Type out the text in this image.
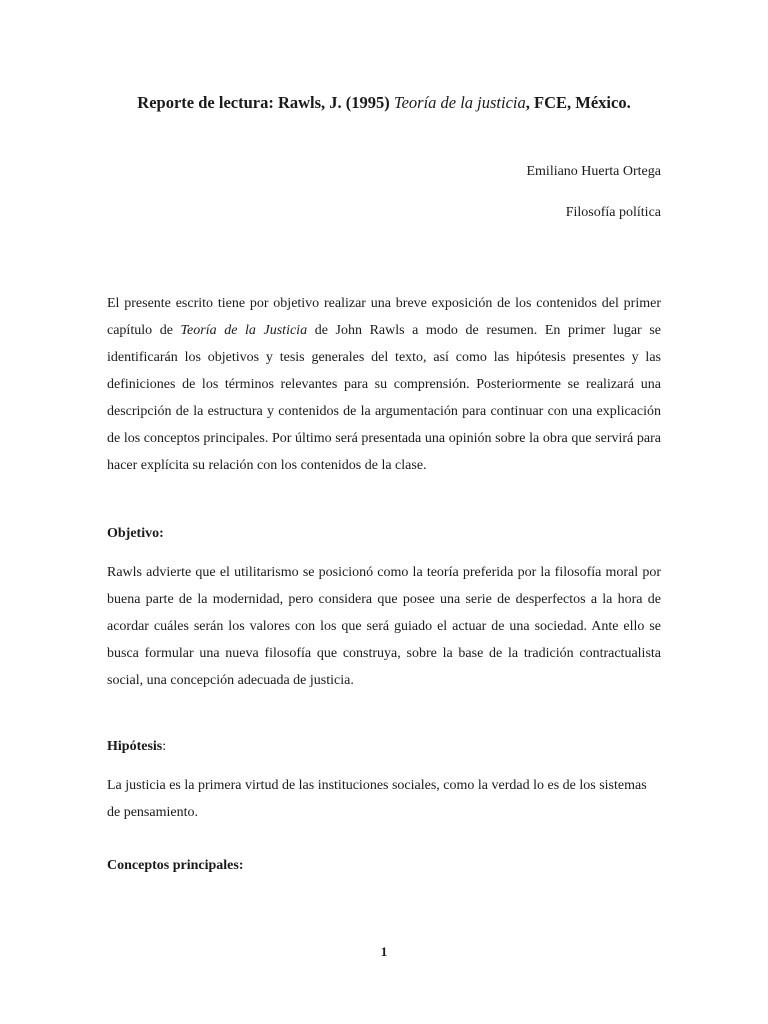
Reporte de lectura: Rawls, J. (1995) Teoría de la justicia, FCE, México.
Emiliano Huerta Ortega
Filosofía política

El presente escrito tiene por objetivo realizar una breve exposición de los contenidos del primer capítulo de Teoría de la Justicia de John Rawls a modo de resumen. En primer lugar se identificarán los objetivos y tesis generales del texto, así como las hipótesis presentes y las definiciones de los términos relevantes para su comprensión. Posteriormente se realizará una descripción de la estructura y contenidos de la argumentación para continuar con una explicación de los conceptos principales. Por último será presentada una opinión sobre la obra que servirá para hacer explícita su relación con los contenidos de la clase.

Objetivo:

Rawls advierte que el utilitarismo se posicionó como la teoría preferida por la filosofía moral por buena parte de la modernidad, pero considera que posee una serie de desperfectos a la hora de acordar cuáles serán los valores con los que será guiado el actuar de una sociedad. Ante ello se busca formular una nueva filosofía que construya, sobre la base de la tradición contractualista social, una concepción adecuada de justicia.

Hipótesis:

La justicia es la primera virtud de las instituciones sociales, como la verdad lo es de los sistemas de pensamiento.

Conceptos principales:
1
